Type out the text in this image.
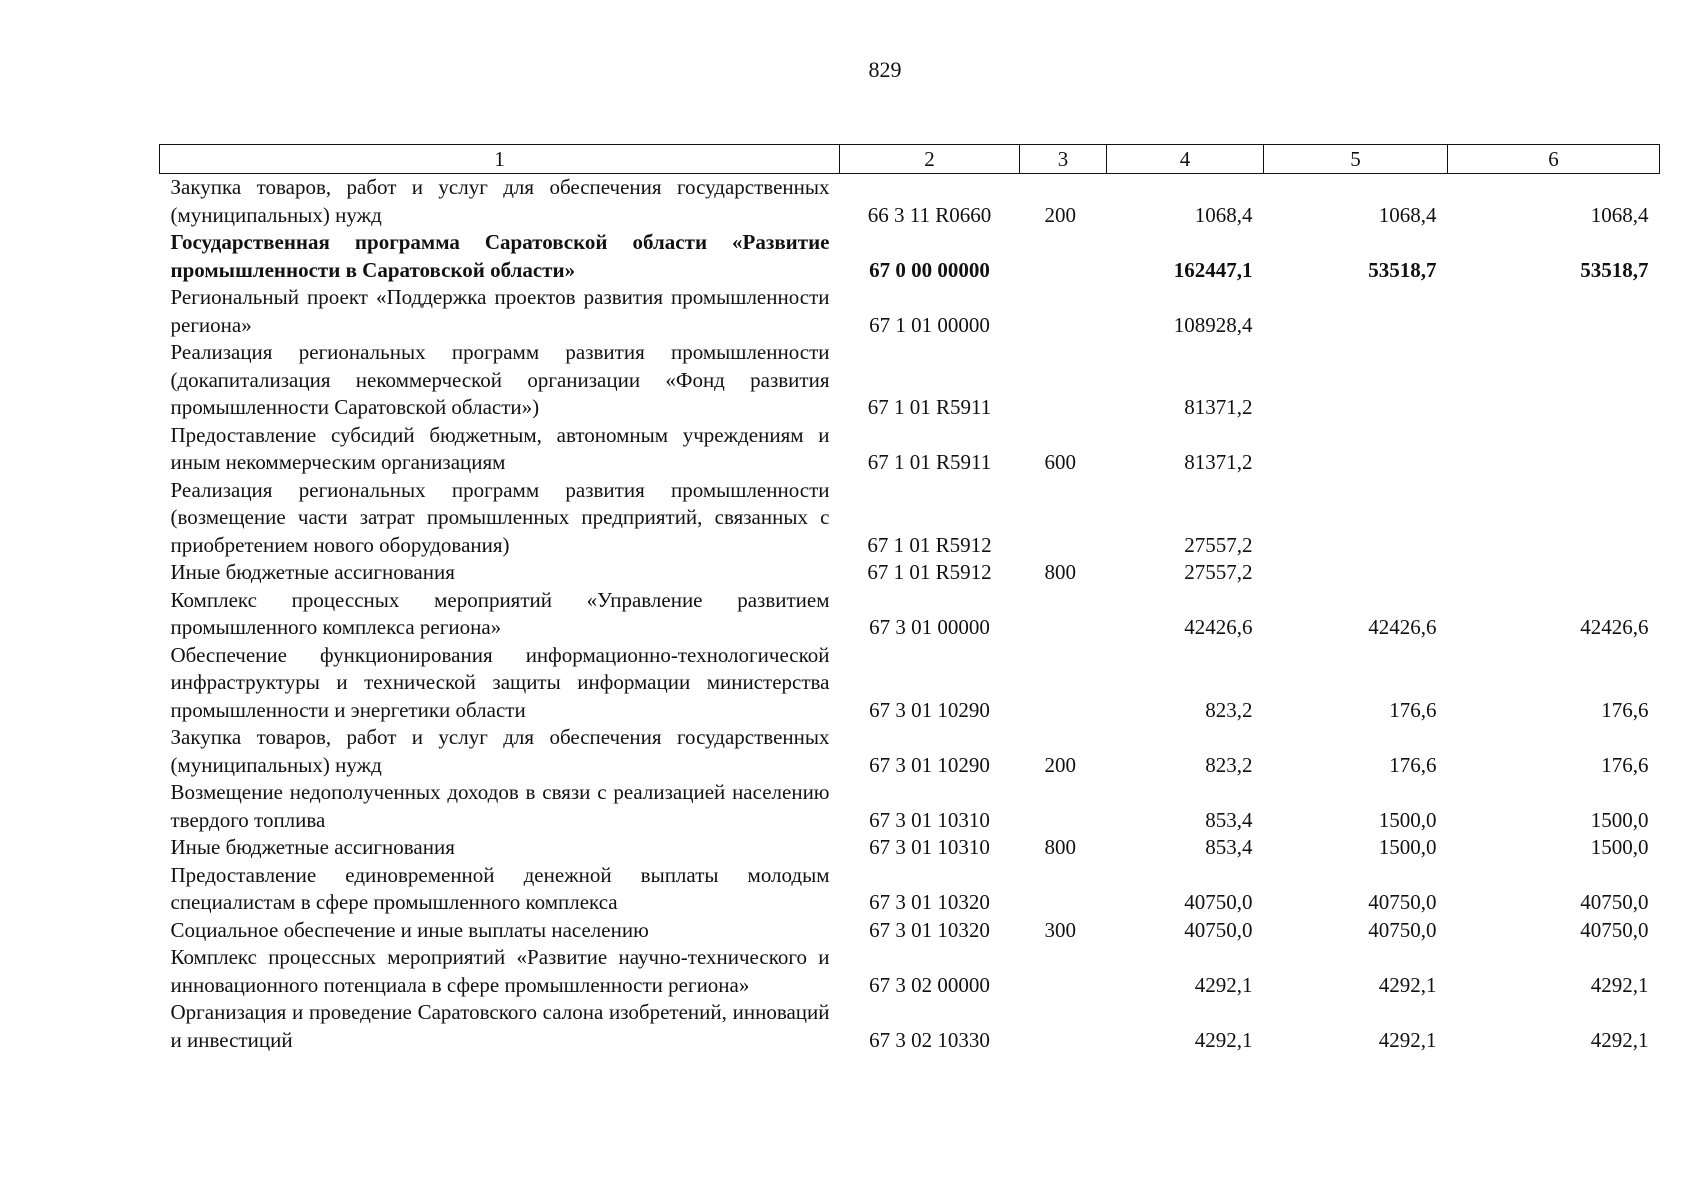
829
1	2	3	4	5	6
Закупка товаров, работ и услуг для обеспечения государственных (муниципальных) нужд	66 3 11 R0660	200	1068,4	1068,4	1068,4
Государственная программа Саратовской области «Развитие промышленности в Саратовской области»	67 0 00 00000		162447,1	53518,7	53518,7
Региональный проект «Поддержка проектов развития промышленности региона»	67 1 01 00000		108928,4		
Реализация региональных программ развития промышленности (докапитализация некоммерческой организации «Фонд развития промышленности Саратовской области»)	67 1 01 R5911		81371,2		
Предоставление субсидий бюджетным, автономным учреждениям и иным некоммерческим организациям	67 1 01 R5911	600	81371,2		
Реализация региональных программ развития промышленности (возмещение части затрат промышленных предприятий, связанных с приобретением нового оборудования)	67 1 01 R5912		27557,2		
Иные бюджетные ассигнования	67 1 01 R5912	800	27557,2		
Комплекс процессных мероприятий «Управление развитием промышленного комплекса региона»	67 3 01 00000		42426,6	42426,6	42426,6
Обеспечение функционирования информационно-технологической инфраструктуры и технической защиты информации министерства промышленности и энергетики области	67 3 01 10290		823,2	176,6	176,6
Закупка товаров, работ и услуг для обеспечения государственных (муниципальных) нужд	67 3 01 10290	200	823,2	176,6	176,6
Возмещение недополученных доходов в связи с реализацией населению твердого топлива	67 3 01 10310		853,4	1500,0	1500,0
Иные бюджетные ассигнования	67 3 01 10310	800	853,4	1500,0	1500,0
Предоставление единовременной денежной выплаты молодым специалистам в сфере промышленного комплекса	67 3 01 10320		40750,0	40750,0	40750,0
Социальное обеспечение и иные выплаты населению	67 3 01 10320	300	40750,0	40750,0	40750,0
Комплекс процессных мероприятий «Развитие научно-технического и инновационного потенциала в сфере промышленности региона»	67 3 02 00000		4292,1	4292,1	4292,1
Организация и проведение Саратовского салона изобретений, инноваций и инвестиций	67 3 02 10330		4292,1	4292,1	4292,1
